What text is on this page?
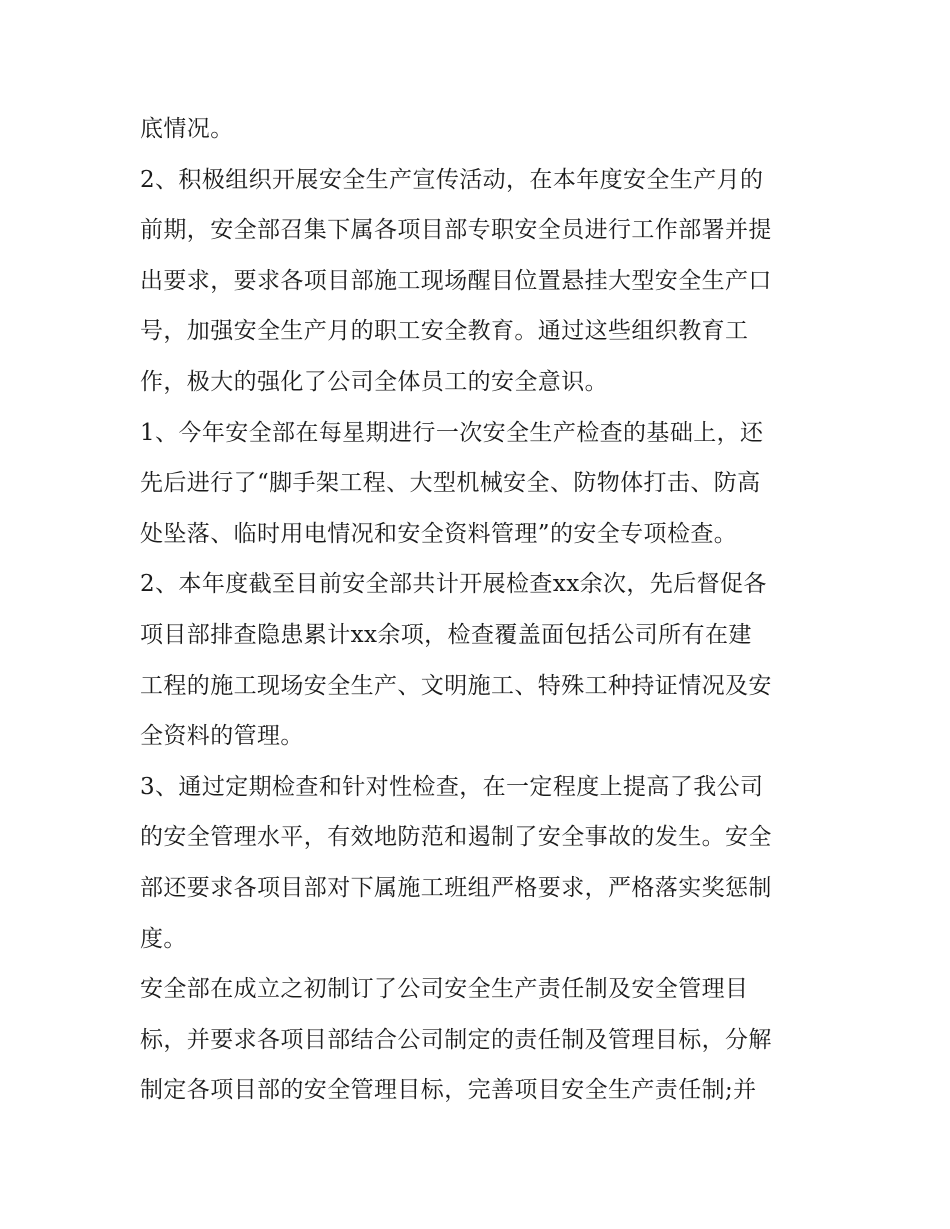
底情况。
2、积极组织开展安全生产宣传活动，在本年度安全生产月的
前期，安全部召集下属各项目部专职安全员进行工作部署并提
出要求，要求各项目部施工现场醒目位置悬挂大型安全生产口
号，加强安全生产月的职工安全教育。通过这些组织教育工
作，极大的强化了公司全体员工的安全意识。
1、今年安全部在每星期进行一次安全生产检查的基础上，还
先后进行了“脚手架工程、大型机械安全、防物体打击、防高
处坠落、临时用电情况和安全资料管理”的安全专项检查。
2、本年度截至目前安全部共计开展检查xx余次，先后督促各
项目部排查隐患累计xx余项，检查覆盖面包括公司所有在建
工程的施工现场安全生产、文明施工、特殊工种持证情况及安
全资料的管理。
3、通过定期检查和针对性检查，在一定程度上提高了我公司
的安全管理水平，有效地防范和遏制了安全事故的发生。安全
部还要求各项目部对下属施工班组严格要求，严格落实奖惩制
度。
安全部在成立之初制订了公司安全生产责任制及安全管理目
标，并要求各项目部结合公司制定的责任制及管理目标，分解
制定各项目部的安全管理目标，完善项目安全生产责任制;并
